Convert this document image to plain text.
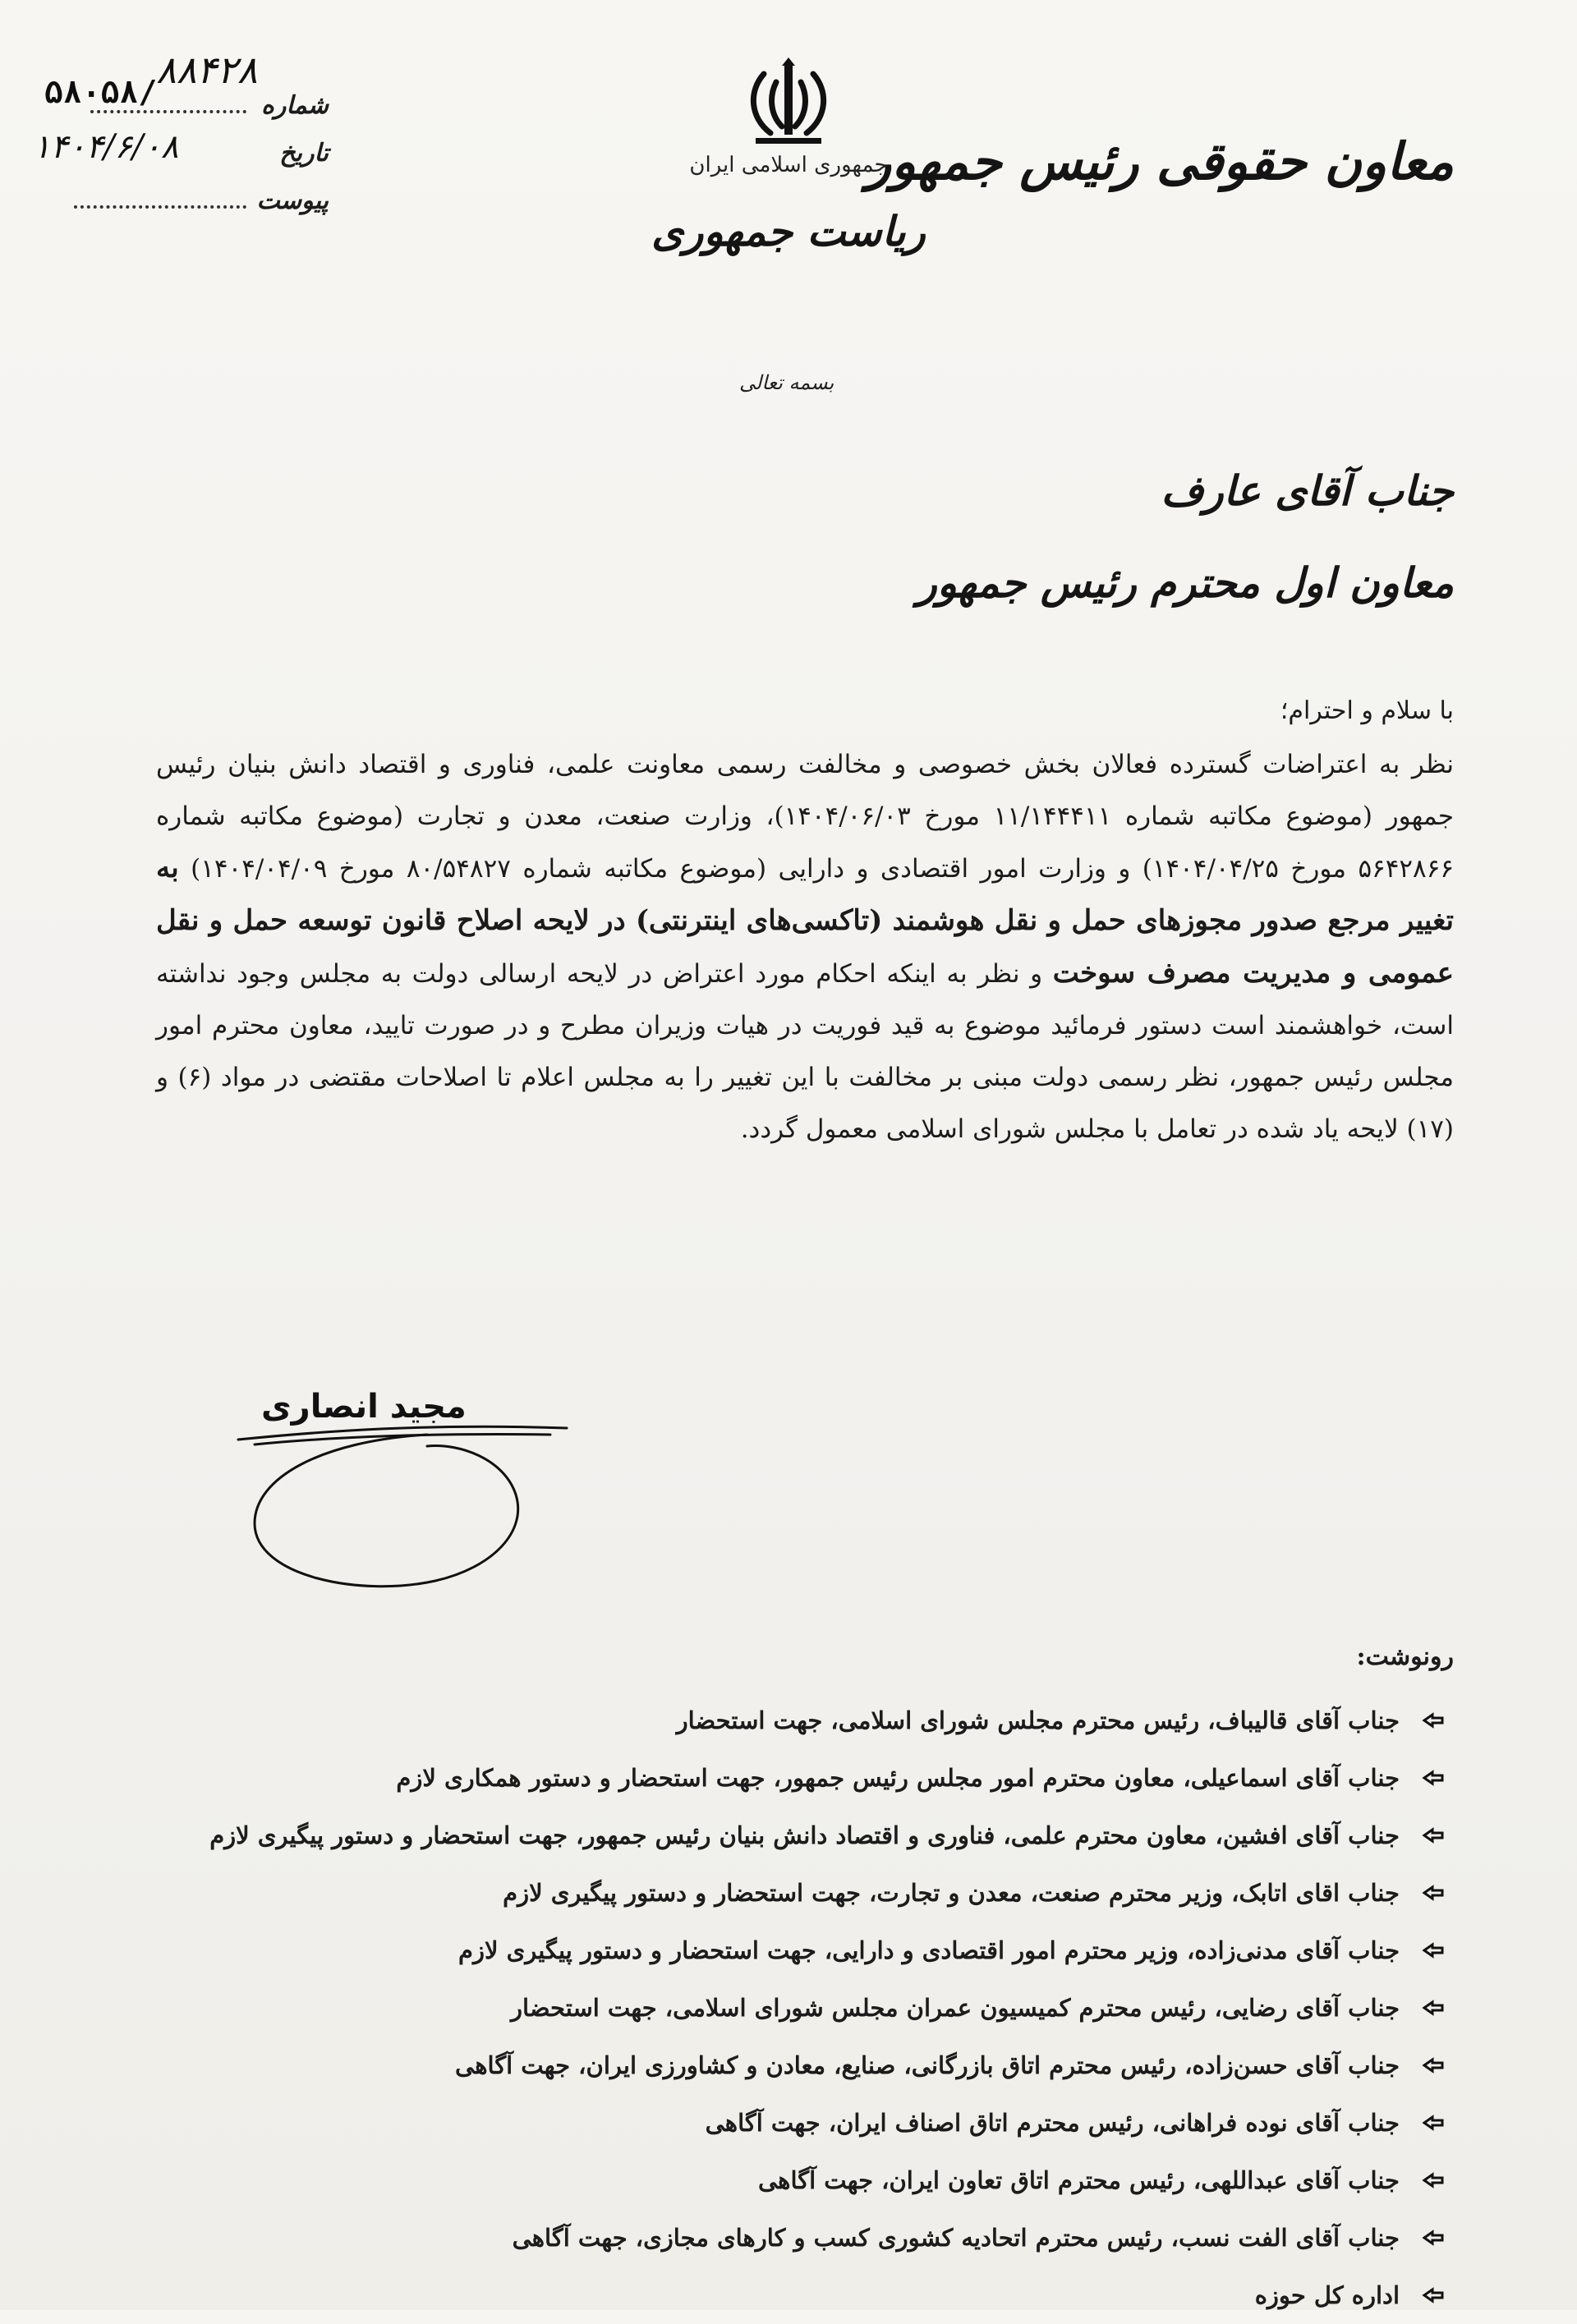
۸۸۴۲۸
۵۸۰۵۸/	شماره
۱۴۰۴/۶/۰۸	تاریخ
پیوست
جمهوری اسلامی ایران
ریاست جمهوری
معاون حقوقی رئیس جمهور
بسمه تعالی
جناب آقای عارف
معاون اول محترم رئیس جمهور
با سلام و احترام؛
نظر به اعتراضات گسترده فعالان بخش خصوصی و مخالفت رسمی معاونت علمی، فناوری و اقتصاد دانش بنیان رئیس جمهور (موضوع مکاتبه شماره ۱۱/۱۴۴۴۱۱ مورخ ۱۴۰۴/۰۶/۰۳)، وزارت صنعت، معدن و تجارت (موضوع مکاتبه شماره ۵۶۴۲۸۶۶ مورخ ۱۴۰۴/۰۴/۲۵) و وزارت امور اقتصادی و دارایی (موضوع مکاتبه شماره ۸۰/۵۴۸۲۷ مورخ ۱۴۰۴/۰۴/۰۹) به تغییر مرجع صدور مجوزهای حمل و نقل هوشمند (تاکسی‌های اینترنتی) در لایحه اصلاح قانون توسعه حمل و نقل عمومی و مدیریت مصرف سوخت و نظر به اینکه احکام مورد اعتراض در لایحه ارسالی دولت به مجلس وجود نداشته است، خواهشمند است دستور فرمائید موضوع به قید فوریت در هیات وزیران مطرح و در صورت تایید، معاون محترم امور مجلس رئیس جمهور، نظر رسمی دولت مبنی بر مخالفت با این تغییر را به مجلس اعلام تا اصلاحات مقتضی در مواد (۶) و (۱۷) لایحه یاد شده در تعامل با مجلس شورای اسلامی معمول گردد.
مجید انصاری
رونوشت:
جناب آقای قالیباف، رئیس محترم مجلس شورای اسلامی، جهت استحضار
جناب آقای اسماعیلی، معاون محترم امور مجلس رئیس جمهور، جهت استحضار و دستور همکاری لازم
جناب آقای افشین، معاون محترم علمی، فناوری و اقتصاد دانش بنیان رئیس جمهور، جهت استحضار و دستور پیگیری لازم
جناب اقای اتابک، وزیر محترم صنعت، معدن و تجارت، جهت استحضار و دستور پیگیری لازم
جناب آقای مدنی‌زاده، وزیر محترم امور اقتصادی و دارایی، جهت استحضار و دستور پیگیری لازم
جناب آقای رضایی، رئیس محترم کمیسیون عمران مجلس شورای اسلامی، جهت استحضار
جناب آقای حسن‌زاده، رئیس محترم اتاق بازرگانی، صنایع، معادن و کشاورزی ایران، جهت آگاهی
جناب آقای نوده فراهانی، رئیس محترم اتاق اصناف ایران، جهت آگاهی
جناب آقای عبداللهی، رئیس محترم اتاق تعاون ایران، جهت آگاهی
جناب آقای الفت نسب، رئیس محترم اتحادیه کشوری کسب و کارهای مجازی، جهت آگاهی
اداره کل حوزه
